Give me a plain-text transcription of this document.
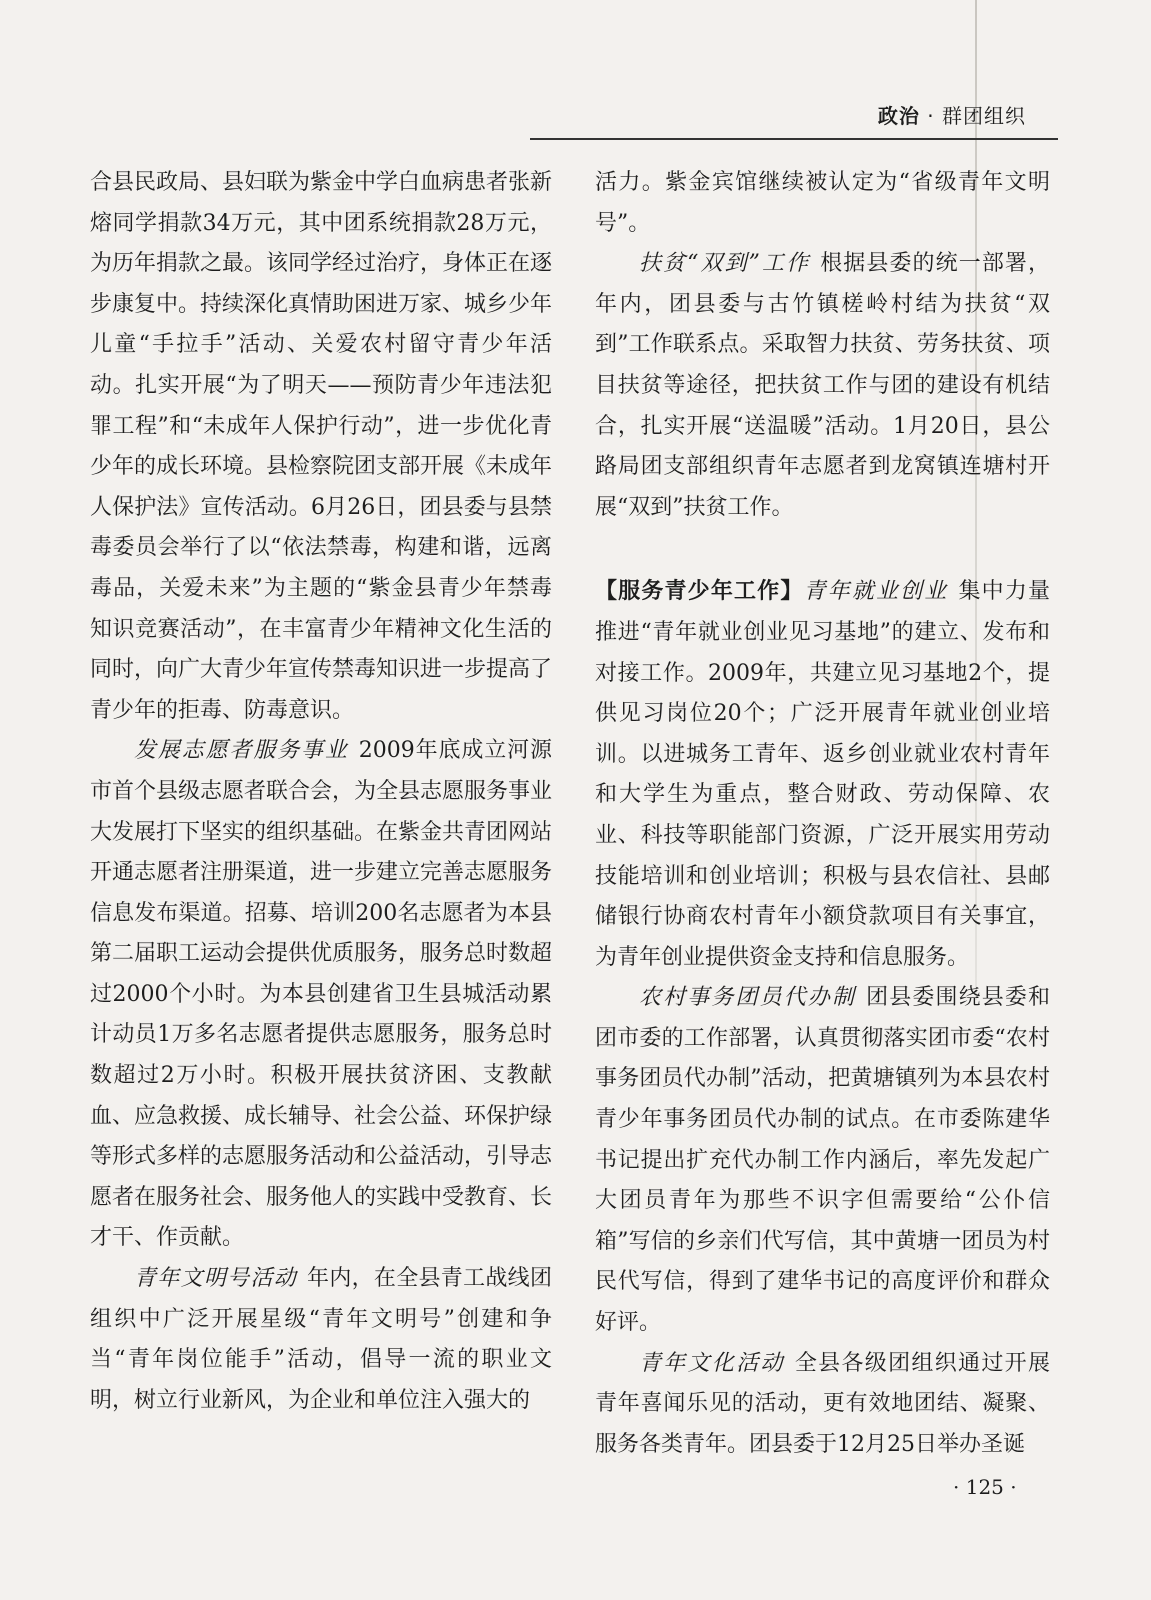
政治 · 群团组织

合县民政局、县妇联为紫金中学白血病患者张新熔同学捐款34万元，其中团系统捐款28万元，为历年捐款之最。该同学经过治疗，身体正在逐步康复中。持续深化真情助困进万家、城乡少年儿童“手拉手”活动、关爱农村留守青少年活动。扎实开展“为了明天——预防青少年违法犯罪工程”和“未成年人保护行动”，进一步优化青少年的成长环境。县检察院团支部开展《未成年人保护法》宣传活动。6月26日，团县委与县禁毒委员会举行了以“依法禁毒，构建和谐，远离毒品，关爱未来”为主题的“紫金县青少年禁毒知识竞赛活动”，在丰富青少年精神文化生活的同时，向广大青少年宣传禁毒知识进一步提高了青少年的拒毒、防毒意识。

发展志愿者服务事业 2009年底成立河源市首个县级志愿者联合会，为全县志愿服务事业大发展打下坚实的组织基础。在紫金共青团网站开通志愿者注册渠道，进一步建立完善志愿服务信息发布渠道。招募、培训200名志愿者为本县第二届职工运动会提供优质服务，服务总时数超过2000个小时。为本县创建省卫生县城活动累计动员1万多名志愿者提供志愿服务，服务总时数超过2万小时。积极开展扶贫济困、支教献血、应急救援、成长辅导、社会公益、环保护绿等形式多样的志愿服务活动和公益活动，引导志愿者在服务社会、服务他人的实践中受教育、长才干、作贡献。

青年文明号活动 年内，在全县青工战线团组织中广泛开展星级“青年文明号”创建和争当“青年岗位能手”活动，倡导一流的职业文明，树立行业新风，为企业和单位注入强大的

活力。紫金宾馆继续被认定为“省级青年文明号”。

扶贫“双到”工作 根据县委的统一部署，年内，团县委与古竹镇槎岭村结为扶贫“双到”工作联系点。采取智力扶贫、劳务扶贫、项目扶贫等途径，把扶贫工作与团的建设有机结合，扎实开展“送温暖”活动。1月20日，县公路局团支部组织青年志愿者到龙窝镇连塘村开展“双到”扶贫工作。

【服务青少年工作】青年就业创业 集中力量推进“青年就业创业见习基地”的建立、发布和对接工作。2009年，共建立见习基地2个，提供见习岗位20个；广泛开展青年就业创业培训。以进城务工青年、返乡创业就业农村青年和大学生为重点，整合财政、劳动保障、农业、科技等职能部门资源，广泛开展实用劳动技能培训和创业培训；积极与县农信社、县邮储银行协商农村青年小额贷款项目有关事宜，为青年创业提供资金支持和信息服务。

农村事务团员代办制 团县委围绕县委和团市委的工作部署，认真贯彻落实团市委“农村事务团员代办制”活动，把黄塘镇列为本县农村青少年事务团员代办制的试点。在市委陈建华书记提出扩充代办制工作内涵后，率先发起广大团员青年为那些不识字但需要给“公仆信箱”写信的乡亲们代写信，其中黄塘一团员为村民代写信，得到了建华书记的高度评价和群众好评。

青年文化活动 全县各级团组织通过开展青年喜闻乐见的活动，更有效地团结、凝聚、服务各类青年。团县委于12月25日举办圣诞

· 125 ·
